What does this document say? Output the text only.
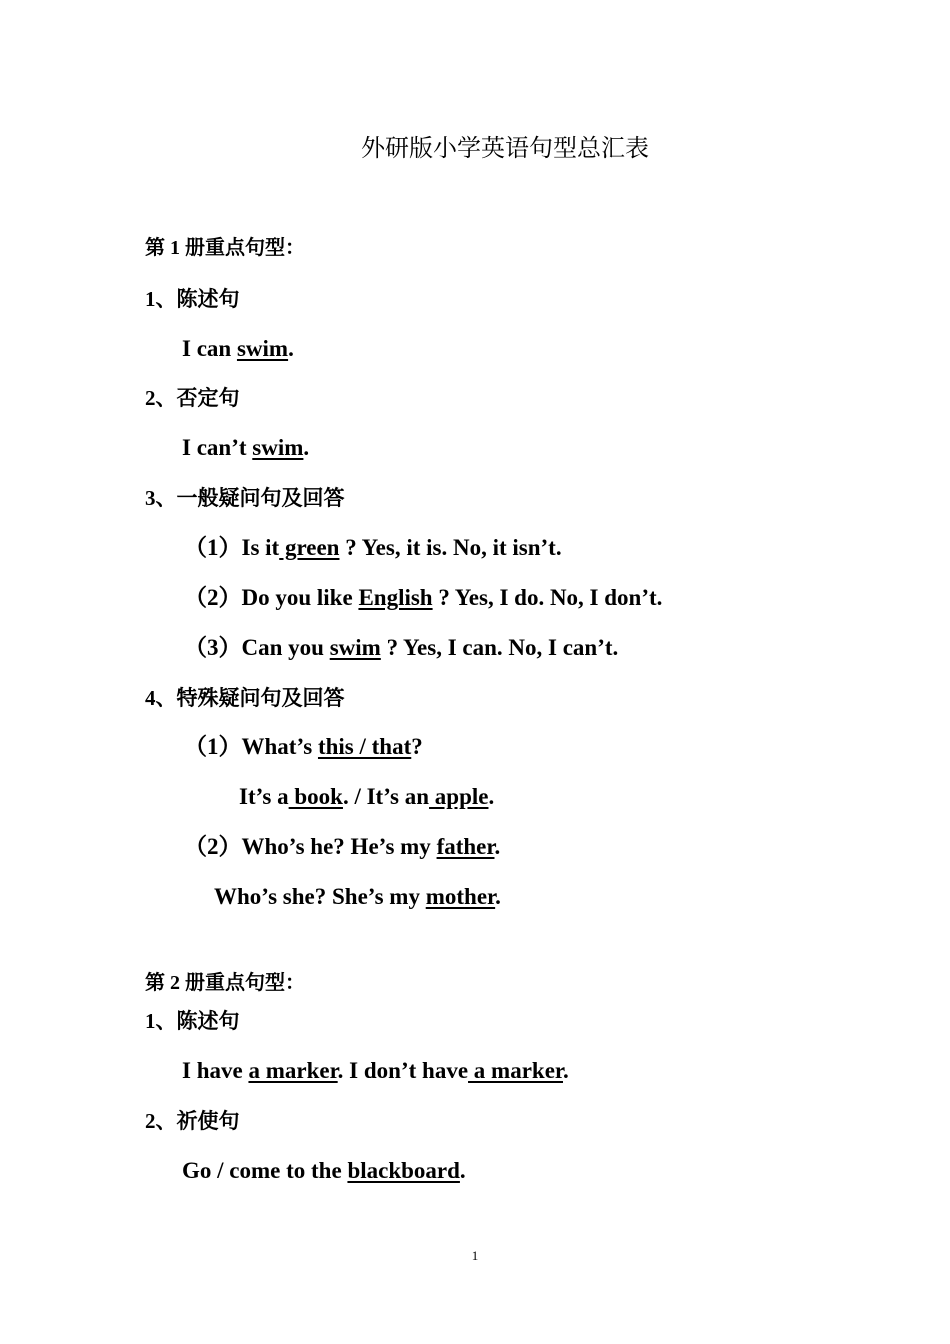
外研版小学英语句型总汇表
第 1 册重点句型：
1、陈述句
I can swim.
2、否定句
I can’t swim.
3、一般疑问句及回答
（1）Is it green ? Yes, it is. No, it isn’t.
（2）Do you like English ? Yes, I do. No, I don’t.
（3）Can you swim ? Yes, I can. No, I can’t.
4、特殊疑问句及回答
（1）What’s this / that?
It’s a book. / It’s an apple.
（2）Who’s he? He’s my father.
Who’s she? She’s my mother.
第 2 册重点句型：
1、陈述句
I have a marker. I don’t have a marker.
2、祈使句
Go / come to the blackboard.
1
